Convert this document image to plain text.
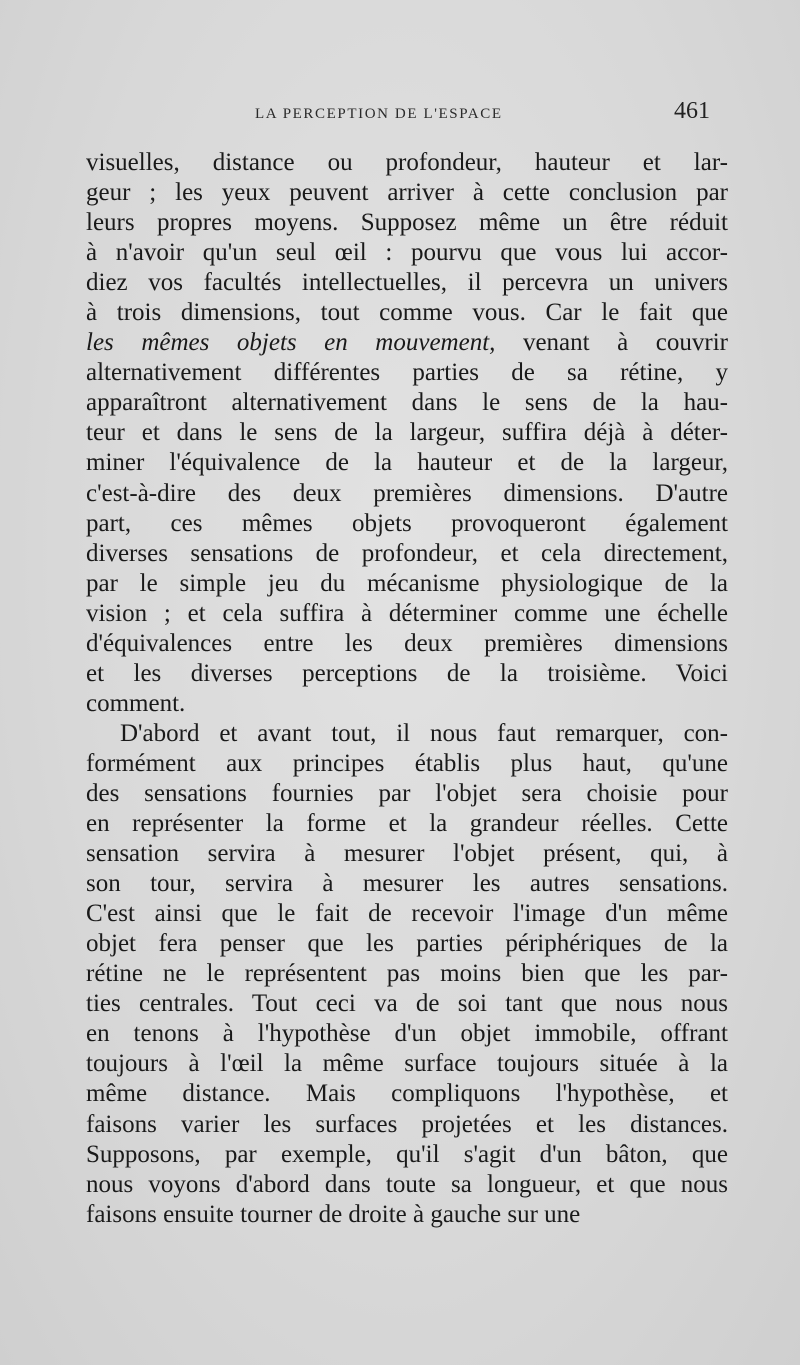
LA PERCEPTION DE L'ESPACE	461
visuelles, distance ou profondeur, hauteur et lar-
geur ; les yeux peuvent arriver à cette conclusion par
leurs propres moyens. Supposez même un être réduit
à n'avoir qu'un seul œil : pourvu que vous lui accor-
diez vos facultés intellectuelles, il percevra un univers
à trois dimensions, tout comme vous. Car le fait que
les mêmes objets en mouvement, venant à couvrir
alternativement différentes parties de sa rétine, y
apparaîtront alternativement dans le sens de la hau-
teur et dans le sens de la largeur, suffira déjà à déter-
miner l'équivalence de la hauteur et de la largeur,
c'est-à-dire des deux premières dimensions. D'autre
part, ces mêmes objets provoqueront également
diverses sensations de profondeur, et cela directement,
par le simple jeu du mécanisme physiologique de la
vision ; et cela suffira à déterminer comme une échelle
d'équivalences entre les deux premières dimensions
et les diverses perceptions de la troisième. Voici
comment.
D'abord et avant tout, il nous faut remarquer, con-
formément aux principes établis plus haut, qu'une
des sensations fournies par l'objet sera choisie pour
en représenter la forme et la grandeur réelles. Cette
sensation servira à mesurer l'objet présent, qui, à
son tour, servira à mesurer les autres sensations.
C'est ainsi que le fait de recevoir l'image d'un même
objet fera penser que les parties périphériques de la
rétine ne le représentent pas moins bien que les par-
ties centrales. Tout ceci va de soi tant que nous nous
en tenons à l'hypothèse d'un objet immobile, offrant
toujours à l'œil la même surface toujours située à la
même distance. Mais compliquons l'hypothèse, et
faisons varier les surfaces projetées et les distances.
Supposons, par exemple, qu'il s'agit d'un bâton, que
nous voyons d'abord dans toute sa longueur, et que nous
faisons ensuite tourner de droite à gauche sur une
